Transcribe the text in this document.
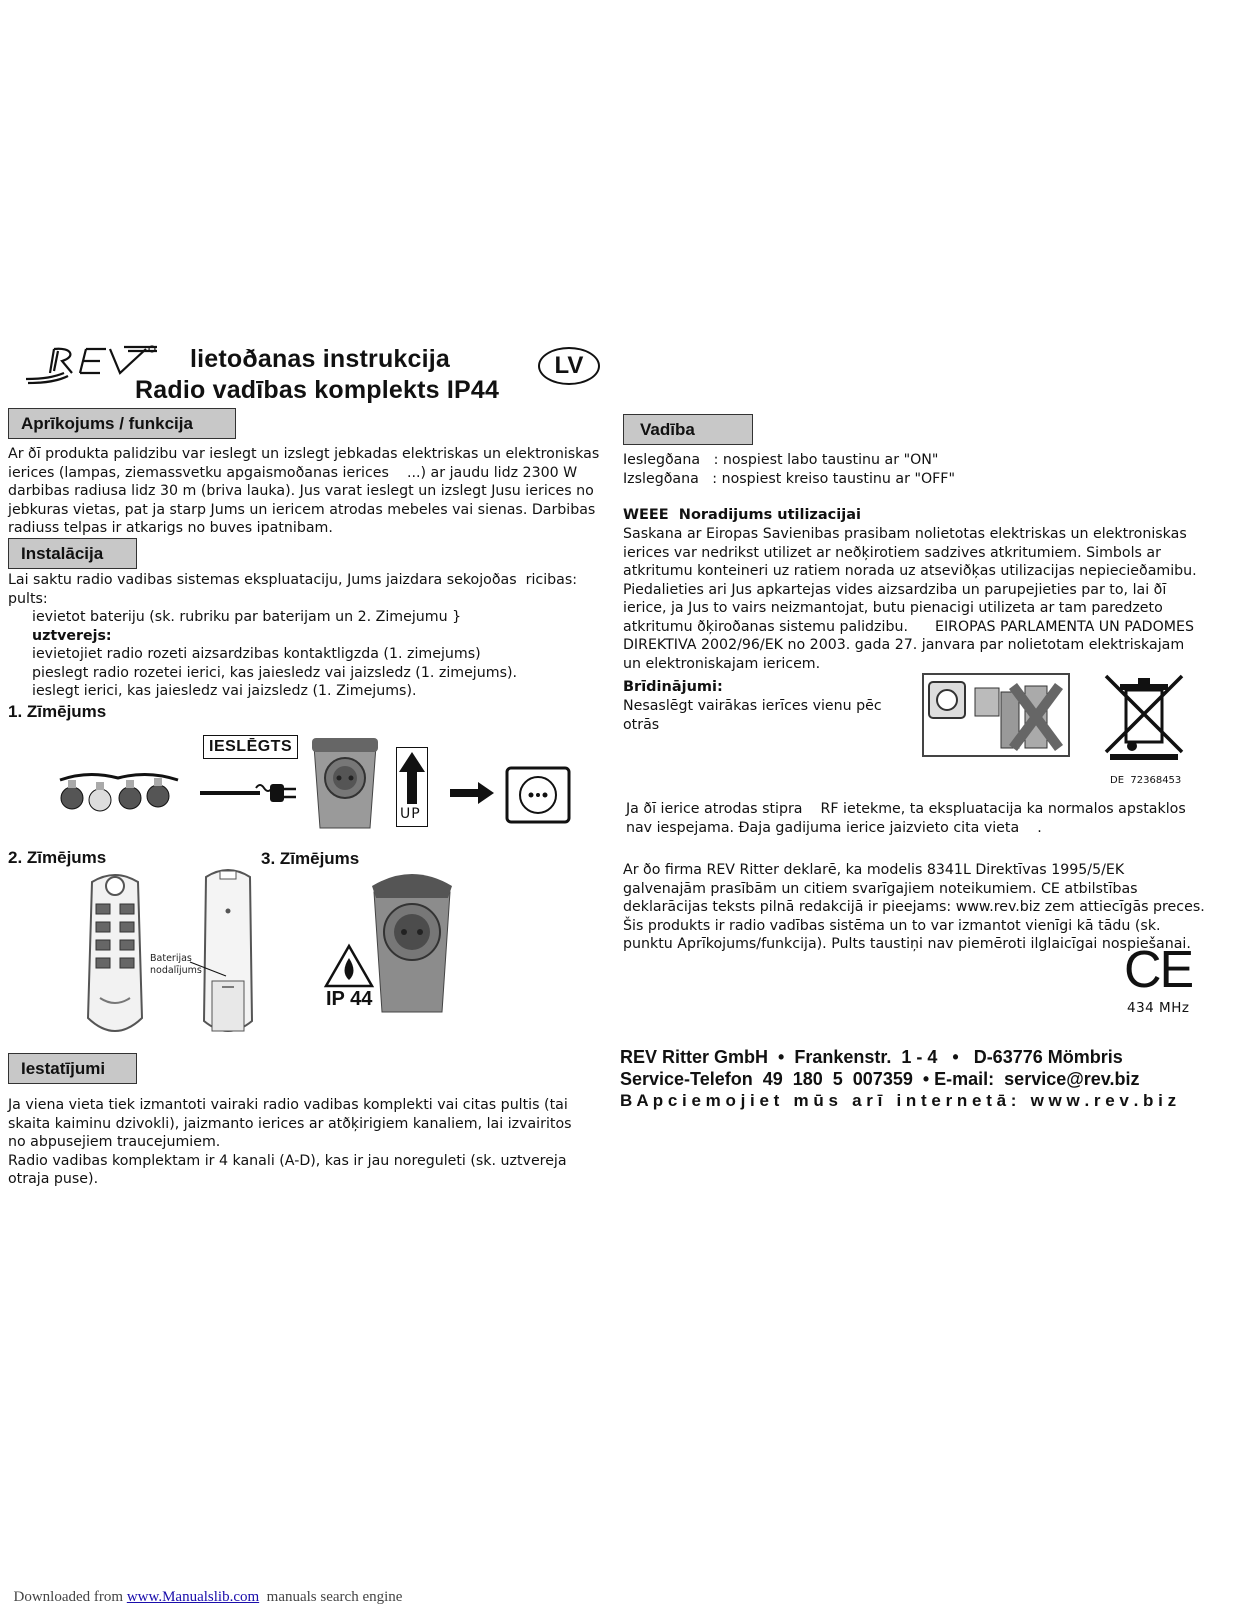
lietoðanas instrukcija
Radio vadības komplekts IP44
LV
Aprīkojums / funkcija
Ar ðī produkta palidzibu var ieslegt un izslegt jebkadas elektriskas un elektroniskas
ierices (lampas, ziemassvetku apgaismoðanas ierices    ...) ar jaudu lidz 2300 W
darbibas radiusa lidz 30 m (briva lauka). Jus varat ieslegt un izslegt Jusu ierices no
jebkuras vietas, pat ja starp Jums un iericem atrodas mebeles vai sienas. Darbibas
radiuss telpas ir atkarigs no buves ipatnibam.
Instalācija
Lai saktu radio vadibas sistemas ekspluataciju, Jums jaizdara sekojoðas  ricibas:
pults:
ievietot bateriju (sk. rubriku par baterijam un 2. Zimejumu }
uztverejs:
ievietojiet radio rozeti aizsardzibas kontaktligzda (1. zimejums)
pieslegt radio rozetei ierici, kas jaiesledz vai jaizsledz (1. zimejums).
ieslegt ierici, kas jaiesledz vai jaizsledz (1. Zimejums).
1. Zīmējums
IESLĒGTS
UP
2. Zīmējums	3. Zīmējums
Baterijas
nodalījums
IP 44
Iestatījumi
Ja viena vieta tiek izmantoti vairaki radio vadibas komplekti vai citas pultis (tai
skaita kaiminu dzivokli), jaizmanto ierices ar atðķirigiem kanaliem, lai izvairitos
no abpusejiem traucejumiem.
Radio vadibas komplektam ir 4 kanali (A-D), kas ir jau noreguleti (sk. uztvereja
otraja puse).
Vadība
Ieslegðana   : nospiest labo taustinu ar "ON"
Izslegðana   : nospiest kreiso taustinu ar "OFF"
WEEE  Noradijums utilizacijai
Saskana ar Eiropas Savienibas prasibam nolietotas elektriskas un elektroniskas
ierices var nedrikst utilizet ar neðķirotiem sadzives atkritumiem. Simbols ar
atkritumu konteineri uz ratiem norada uz atseviðķas utilizacijas nepiecieðamibu.
Piedalieties ari Jus apkartejas vides aizsardziba un parupejieties par to, lai ðī
ierice, ja Jus to vairs neizmantojat, butu pienacigi utilizeta ar tam paredzeto
atkritumu ðķiroðanas sistemu palidzibu.      EIROPAS PARLAMENTA UN PADOMES
DIREKTIVA 2002/96/EK no 2003. gada 27. janvara par nolietotam elektriskajam
un elektroniskajam iericem.
Brīdinājumi:
Nesaslēgt vairākas ierīces vienu pēc
otrās
DE  72368453
Ja ðī ierice atrodas stipra    RF ietekme, ta ekspluatacija ka normalos apstaklos
nav iespejama. Ðaja gadijuma ierice jaizvieto cita vieta    .
Ar ðo firma REV Ritter deklarē, ka modelis 8341L Direktīvas 1995/5/EK
galvenajām prasībām un citiem svarīgajiem noteikumiem. CE atbilstības
deklarācijas teksts pilnā redakcijā ir pieejams: www.rev.biz zem attiecīgās preces.
Šis produkts ir radio vadības sistēma un to var izmantot vienīgi kā tādu (sk.
punktu Aprīkojums/funkcija). Pults taustiņi nav piemēroti ilglaicīgai nospiešanai.
CE
434 MHz
REV Ritter GmbH  •  Frankenstr.  1 - 4   •   D-63776 Mömbris
Service-Telefon  49  180  5  007359  • E-mail:  service@rev.biz
B A p c i e m o j i e t   m ū s   a r ī   i n t e r n e t ā :   w w w . r e v . b i z

Downloaded from www.Manualslib.com  manuals search engine
